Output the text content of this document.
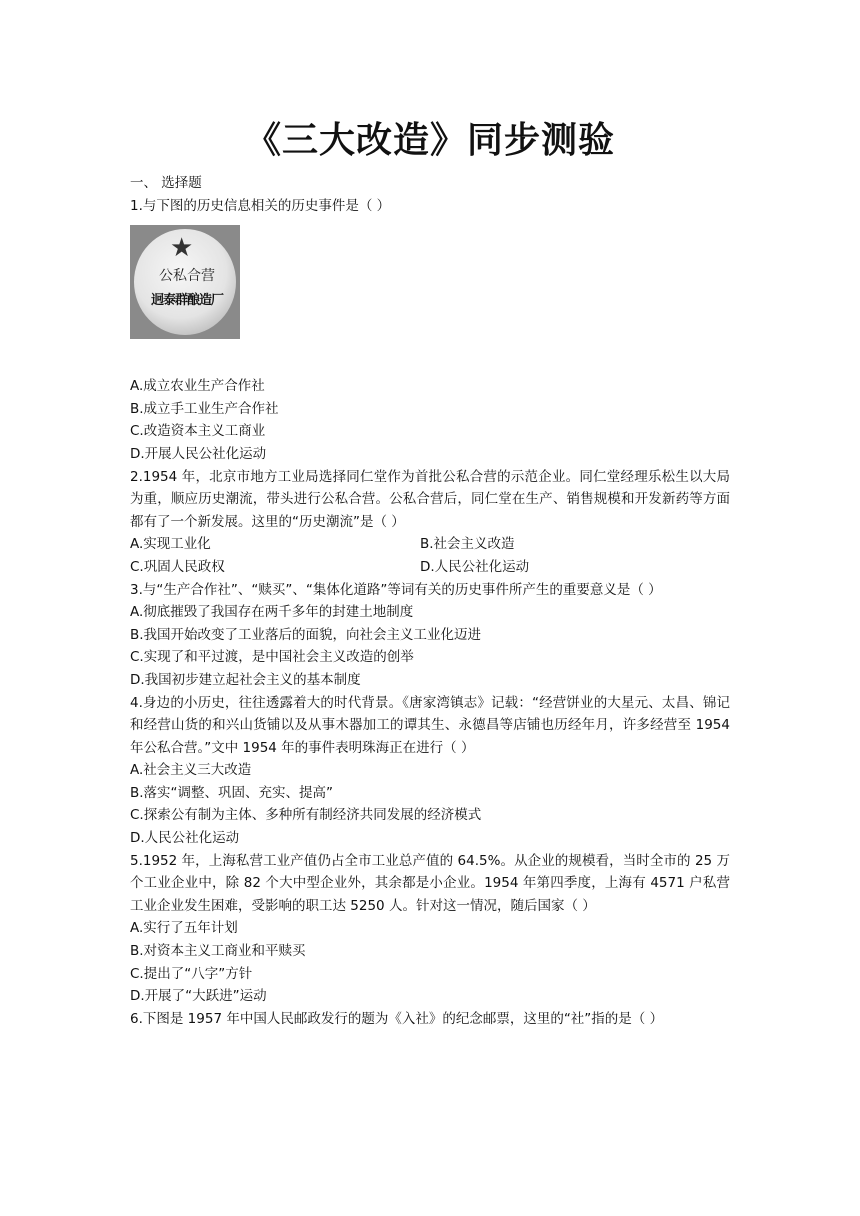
《三大改造》同步测验
一、 选择题
1.与下图的历史信息相关的历史事件是（ ）
★
公私合营
迥泰群酿造厂
A.成立农业生产合作社
B.成立手工业生产合作社
C.改造资本主义工商业
D.开展人民公社化运动
2.1954 年，北京市地方工业局选择同仁堂作为首批公私合营的示范企业。同仁堂经理乐松生以大局为重，顺应历史潮流，带头进行公私合营。公私合营后，同仁堂在生产、销售规模和开发新药等方面都有了一个新发展。这里的“历史潮流”是（ ）
A.实现工业化	B.社会主义改造
C.巩固人民政权	D.人民公社化运动
3.与“生产合作社”、“赎买”、“集体化道路”等词有关的历史事件所产生的重要意义是（ ）
A.彻底摧毁了我国存在两千多年的封建土地制度
B.我国开始改变了工业落后的面貌，向社会主义工业化迈进
C.实现了和平过渡，是中国社会主义改造的创举
D.我国初步建立起社会主义的基本制度
4.身边的小历史，往往透露着大的时代背景。《唐家湾镇志》记载：“经营饼业的大星元、太昌、锦记和经营山货的和兴山货铺以及从事木器加工的谭其生、永德昌等店铺也历经年月，许多经营至 1954 年公私合营。”文中 1954 年的事件表明珠海正在进行（ ）
A.社会主义三大改造
B.落实“调整、巩固、充实、提高”
C.探索公有制为主体、多种所有制经济共同发展的经济模式
D.人民公社化运动
5.1952 年，上海私营工业产值仍占全市工业总产值的 64.5%。从企业的规模看，当时全市的 25 万个工业企业中，除 82 个大中型企业外，其余都是小企业。1954 年第四季度，上海有 4571 户私营工业企业发生困难，受影响的职工达 5250 人。针对这一情况，随后国家（ ）
A.实行了五年计划
B.对资本主义工商业和平赎买
C.提出了“八字”方针
D.开展了“大跃进”运动
6.下图是 1957 年中国人民邮政发行的题为《入社》的纪念邮票，这里的“社”指的是（ ）
